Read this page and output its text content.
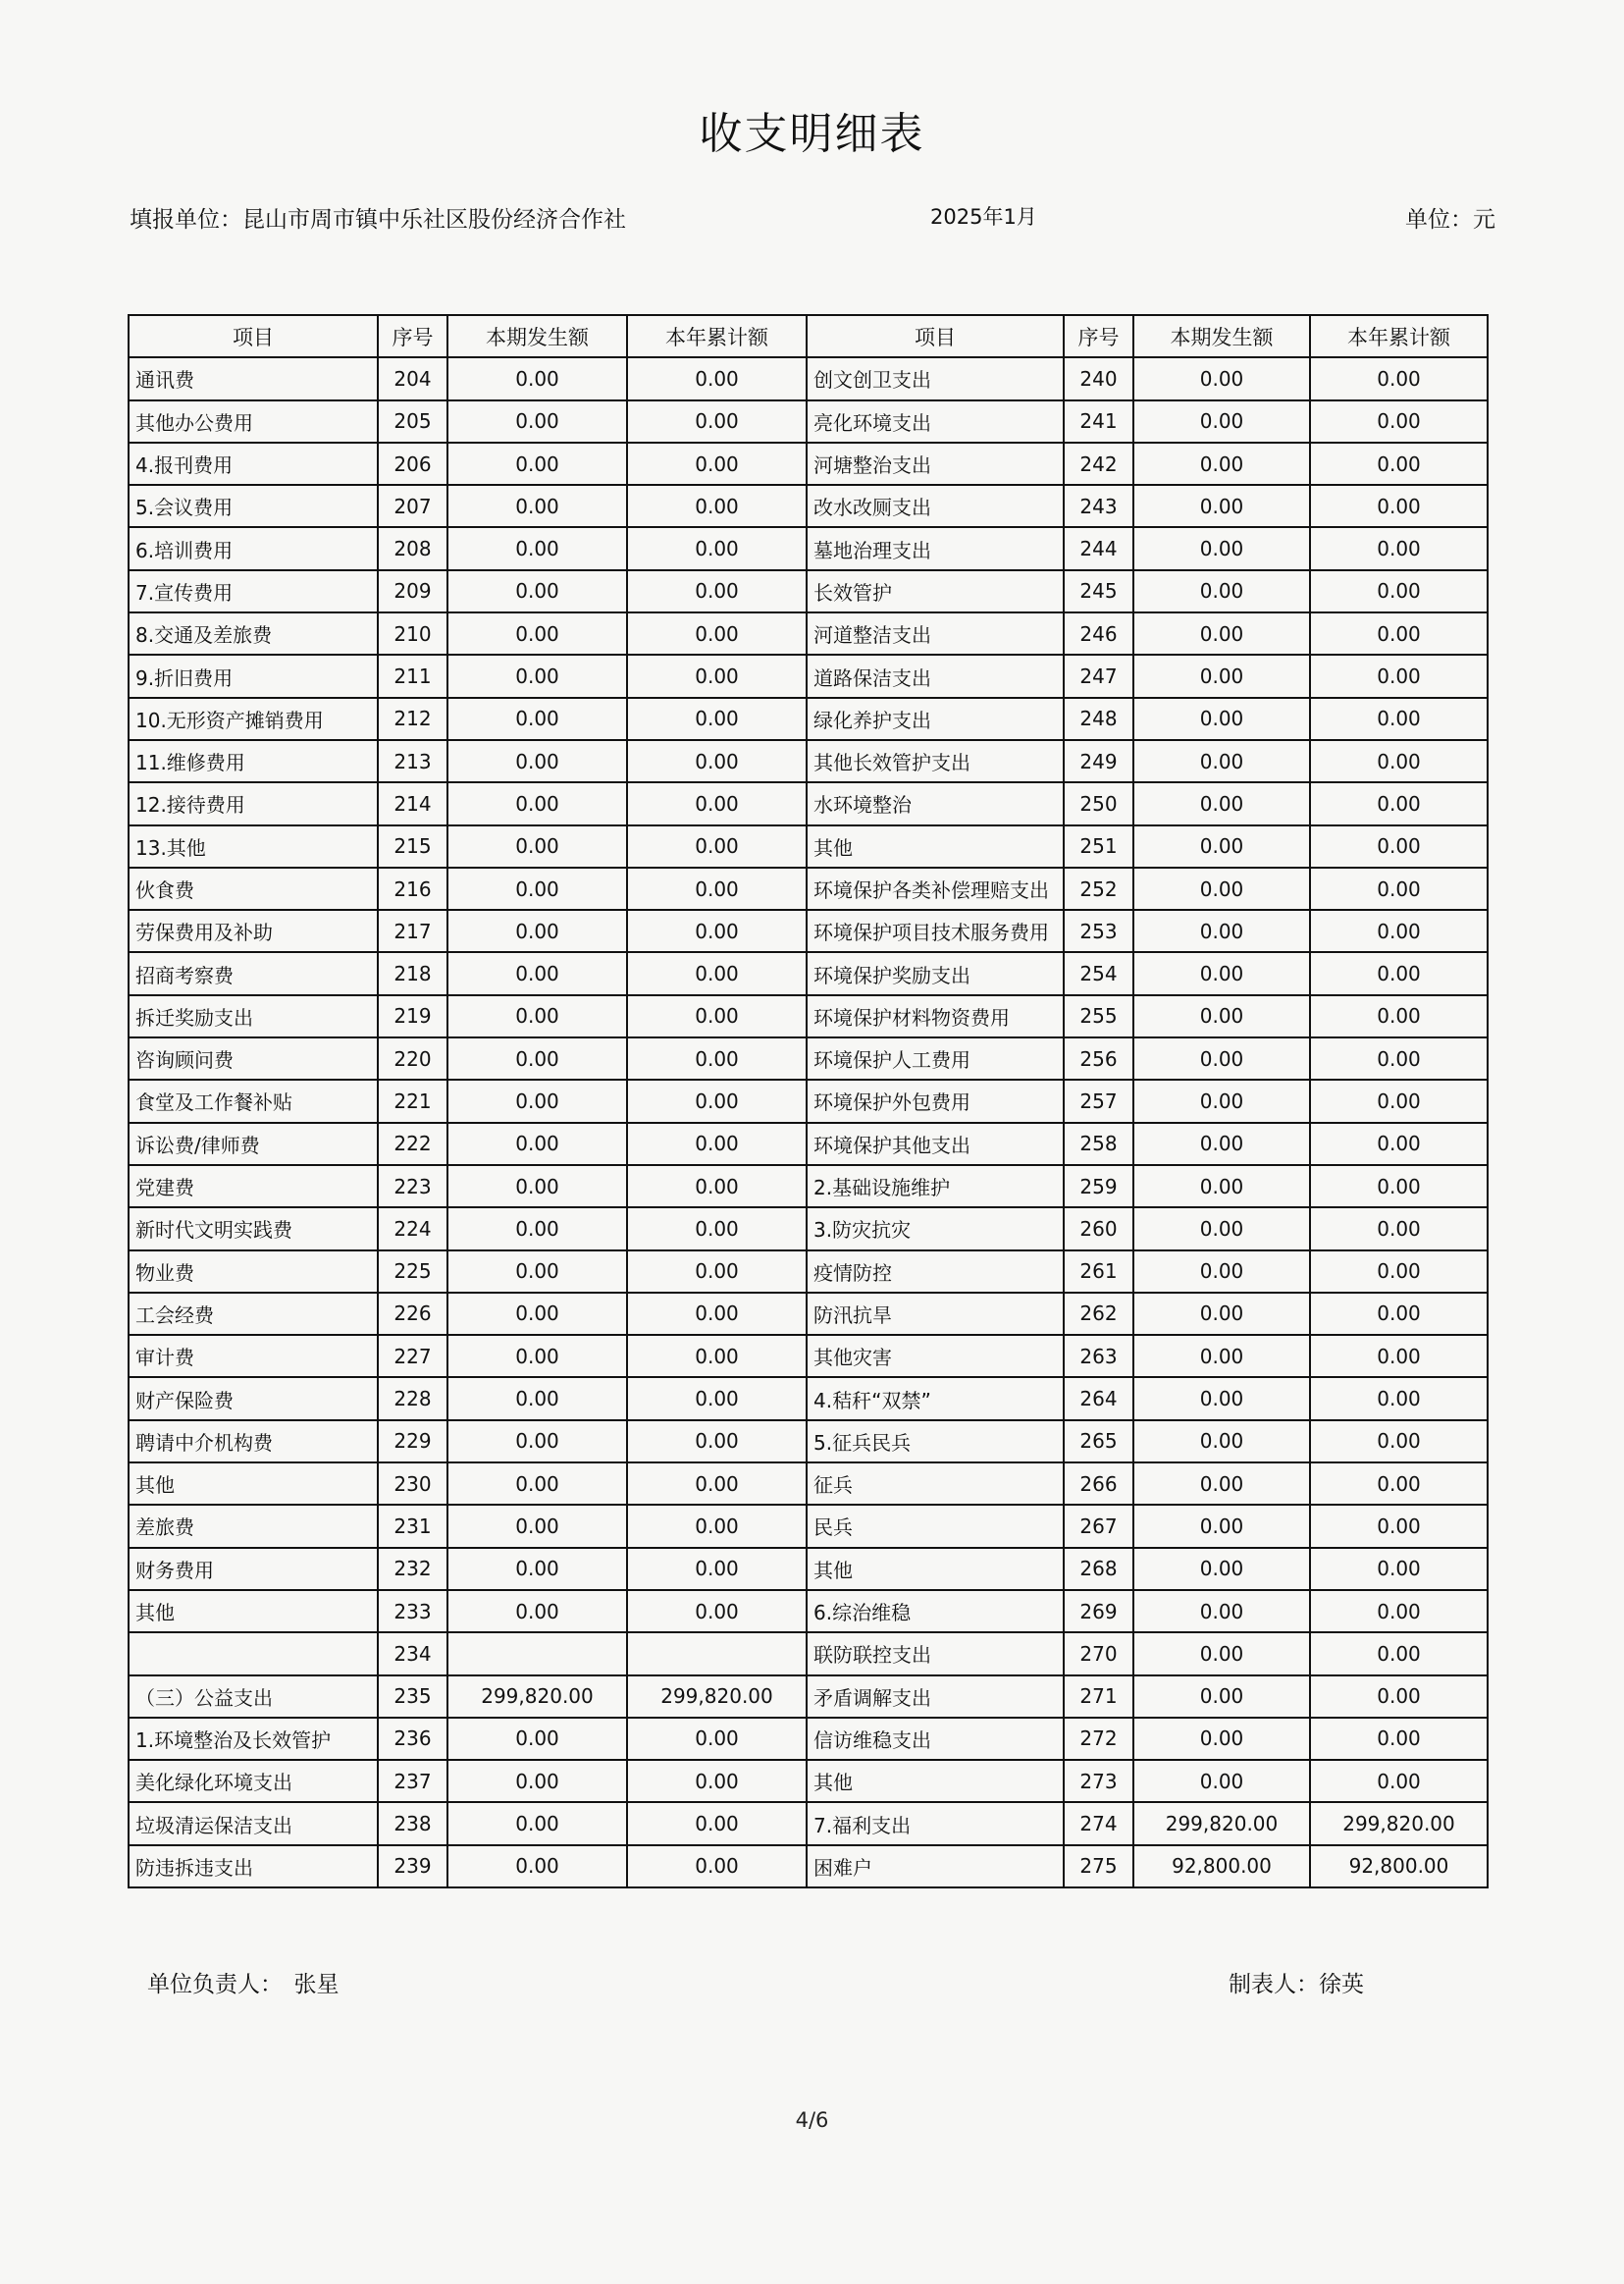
收支明细表
填报单位：昆山市周市镇中乐社区股份经济合作社	2025年1月	单位：元
项目	序号	本期发生额	本年累计额	项目	序号	本期发生额	本年累计额
通讯费	204	0.00	0.00	创文创卫支出	240	0.00	0.00
其他办公费用	205	0.00	0.00	亮化环境支出	241	0.00	0.00
4.报刊费用	206	0.00	0.00	河塘整治支出	242	0.00	0.00
5.会议费用	207	0.00	0.00	改水改厕支出	243	0.00	0.00
6.培训费用	208	0.00	0.00	墓地治理支出	244	0.00	0.00
7.宣传费用	209	0.00	0.00	长效管护	245	0.00	0.00
8.交通及差旅费	210	0.00	0.00	河道整洁支出	246	0.00	0.00
9.折旧费用	211	0.00	0.00	道路保洁支出	247	0.00	0.00
10.无形资产摊销费用	212	0.00	0.00	绿化养护支出	248	0.00	0.00
11.维修费用	213	0.00	0.00	其他长效管护支出	249	0.00	0.00
12.接待费用	214	0.00	0.00	水环境整治	250	0.00	0.00
13.其他	215	0.00	0.00	其他	251	0.00	0.00
伙食费	216	0.00	0.00	环境保护各类补偿理赔支出	252	0.00	0.00
劳保费用及补助	217	0.00	0.00	环境保护项目技术服务费用	253	0.00	0.00
招商考察费	218	0.00	0.00	环境保护奖励支出	254	0.00	0.00
拆迁奖励支出	219	0.00	0.00	环境保护材料物资费用	255	0.00	0.00
咨询顾问费	220	0.00	0.00	环境保护人工费用	256	0.00	0.00
食堂及工作餐补贴	221	0.00	0.00	环境保护外包费用	257	0.00	0.00
诉讼费/律师费	222	0.00	0.00	环境保护其他支出	258	0.00	0.00
党建费	223	0.00	0.00	2.基础设施维护	259	0.00	0.00
新时代文明实践费	224	0.00	0.00	3.防灾抗灾	260	0.00	0.00
物业费	225	0.00	0.00	疫情防控	261	0.00	0.00
工会经费	226	0.00	0.00	防汛抗旱	262	0.00	0.00
审计费	227	0.00	0.00	其他灾害	263	0.00	0.00
财产保险费	228	0.00	0.00	4.秸秆“双禁”	264	0.00	0.00
聘请中介机构费	229	0.00	0.00	5.征兵民兵	265	0.00	0.00
其他	230	0.00	0.00	征兵	266	0.00	0.00
差旅费	231	0.00	0.00	民兵	267	0.00	0.00
财务费用	232	0.00	0.00	其他	268	0.00	0.00
其他	233	0.00	0.00	6.综治维稳	269	0.00	0.00
	234			联防联控支出	270	0.00	0.00
（三）公益支出	235	299,820.00	299,820.00	矛盾调解支出	271	0.00	0.00
1.环境整治及长效管护	236	0.00	0.00	信访维稳支出	272	0.00	0.00
美化绿化环境支出	237	0.00	0.00	其他	273	0.00	0.00
垃圾清运保洁支出	238	0.00	0.00	7.福利支出	274	299,820.00	299,820.00
防违拆违支出	239	0.00	0.00	困难户	275	92,800.00	92,800.00
单位负责人：　张星	制表人：徐英
4/6
